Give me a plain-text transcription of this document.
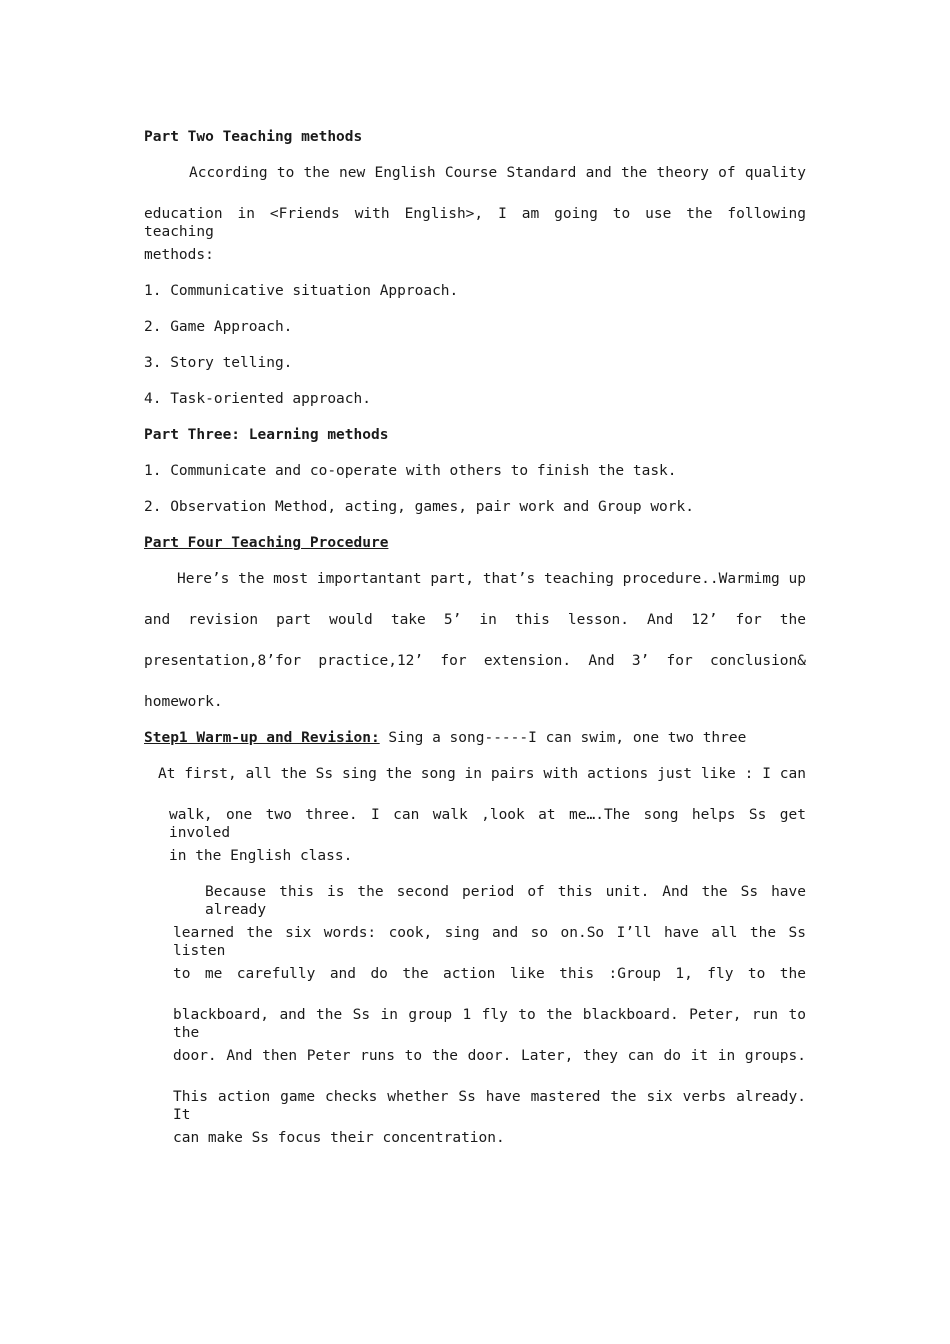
Part Two Teaching methods
According to the new English Course Standard and the theory of quality
education in <Friends with English>, I am going to use the following teaching
methods:
1. Communicative situation Approach.
2. Game Approach.
3. Story telling.
4. Task-oriented approach.
Part Three: Learning methods
1. Communicate and co-operate with others to finish the task.
2. Observation Method, acting, games, pair work and Group work.
Part Four Teaching Procedure
Here’s the most importantant part, that’s teaching procedure..Warmimg up
and revision part would take 5’ in this lesson. And 12’ for the
presentation,8’for practice,12’ for extension. And 3’ for conclusion&
homework.
Step1 Warm-up and Revision: Sing a song-----I can swim, one two three
At first, all the Ss sing the song in pairs with actions just like : I can
walk, one two three. I can walk ,look at me….The song helps Ss get involed
in the English class.
Because this is the second period of this unit. And the Ss have already
learned the six words: cook, sing and so on.So I’ll have all the Ss listen
to me carefully and do the action like this :Group 1, fly to the
blackboard, and the Ss in group 1 fly to the blackboard. Peter, run to the
door. And then Peter runs to the door. Later, they can do it in groups.
This action game checks whether Ss have mastered the six verbs already. It
can make Ss focus their concentration.
